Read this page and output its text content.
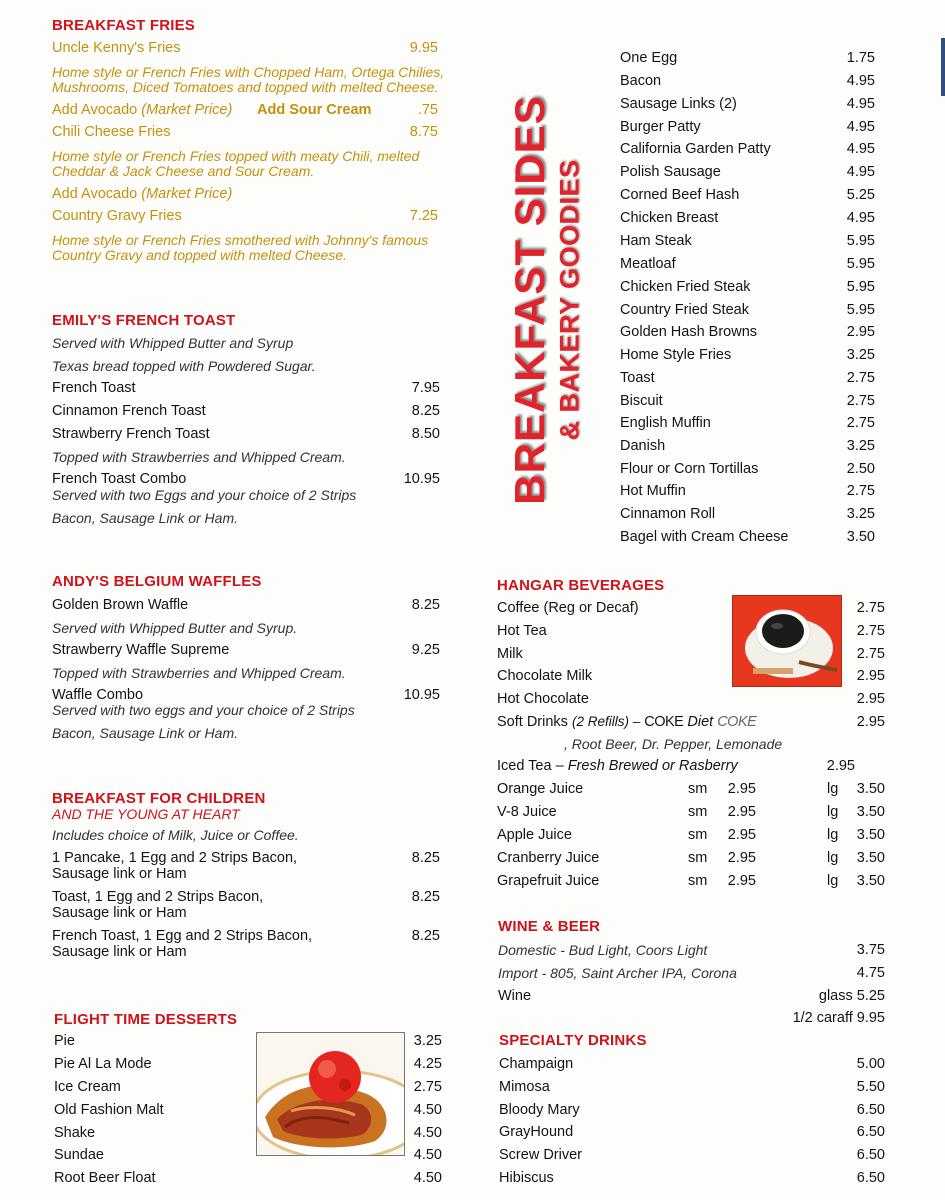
BREAKFAST FRIES
Uncle Kenny's Fries	9.95
Home style or French Fries with Chopped Ham, Ortega Chilies,
Mushrooms, Diced Tomatoes and topped with melted Cheese.
Add Avocado (Market Price) Add Sour Cream	.75
Chili Cheese Fries	8.75
Home style or French Fries topped with meaty Chili, melted
Cheddar & Jack Cheese and Sour Cream.
Add Avocado (Market Price)
Country Gravy Fries	7.25
Home style or French Fries smothered with Johnny's famous
Country Gravy and topped with melted Cheese.
EMILY'S FRENCH TOAST
Served with Whipped Butter and Syrup
Texas bread topped with Powdered Sugar.
French Toast	7.95
Cinnamon French Toast	8.25
Strawberry French Toast	8.50
Topped with Strawberries and Whipped Cream.
French Toast Combo	10.95
Served with two Eggs and your choice of 2 Strips
Bacon, Sausage Link or Ham.
ANDY'S BELGIUM WAFFLES
Golden Brown Waffle	8.25
Served with Whipped Butter and Syrup.
Strawberry Waffle Supreme	9.25
Topped with Strawberries and Whipped Cream.
Waffle Combo	10.95
Served with two eggs and your choice of 2 Strips
Bacon, Sausage Link or Ham.
BREAKFAST FOR CHILDREN
AND THE YOUNG AT HEART
Includes choice of Milk, Juice or Coffee.
1 Pancake, 1 Egg and 2 Strips Bacon,
Sausage link or Ham
8.25
Toast, 1 Egg and 2 Strips Bacon,
Sausage link or Ham
8.25
French Toast, 1 Egg and 2 Strips Bacon,
Sausage link or Ham
8.25
FLIGHT TIME DESSERTS
Pie	3.25
Pie Al La Mode	4.25
Ice Cream	2.75
Old Fashion Malt	4.50
Shake	4.50
Sundae	4.50
Root Beer Float	4.50
BREAKFAST SIDES & BAKERY GOODIES
One Egg	1.75
Bacon	4.95
Sausage Links (2)	4.95
Burger Patty	4.95
California Garden Patty	4.95
Polish Sausage	4.95
Corned Beef Hash	5.25
Chicken Breast	4.95
Ham Steak	5.95
Meatloaf	5.95
Chicken Fried Steak	5.95
Country Fried Steak	5.95
Golden Hash Browns	2.95
Home Style Fries	3.25
Toast	2.75
Biscuit	2.75
English Muffin	2.75
Danish	3.25
Flour or Corn Tortillas	2.50
Hot Muffin	2.75
Cinnamon Roll	3.25
Bagel with Cream Cheese	3.50
HANGAR BEVERAGES
Coffee (Reg or Decaf)	2.75
Hot Tea	2.75
Milk	2.75
Chocolate Milk	2.95
Hot Chocolate	2.95
Soft Drinks (2 Refills) – COKE Diet COKE	2.95
, Root Beer, Dr. Pepper, Lemonade
Iced Tea – Fresh Brewed or Rasberry	2.95
Orange Juice	sm	2.95	lg	3.50
V-8 Juice	sm	2.95	lg	3.50
Apple Juice	sm	2.95	lg	3.50
Cranberry Juice	sm	2.95	lg	3.50
Grapefruit Juice	sm	2.95	lg	3.50
WINE & BEER
Domestic - Bud Light, Coors Light	3.75
Import - 805, Saint Archer IPA, Corona	4.75
Wine	glass 5.25
1/2 caraff 9.95
SPECIALTY DRINKS
Champaign	5.00
Mimosa	5.50
Bloody Mary	6.50
GrayHound	6.50
Screw Driver	6.50
Hibiscus	6.50
